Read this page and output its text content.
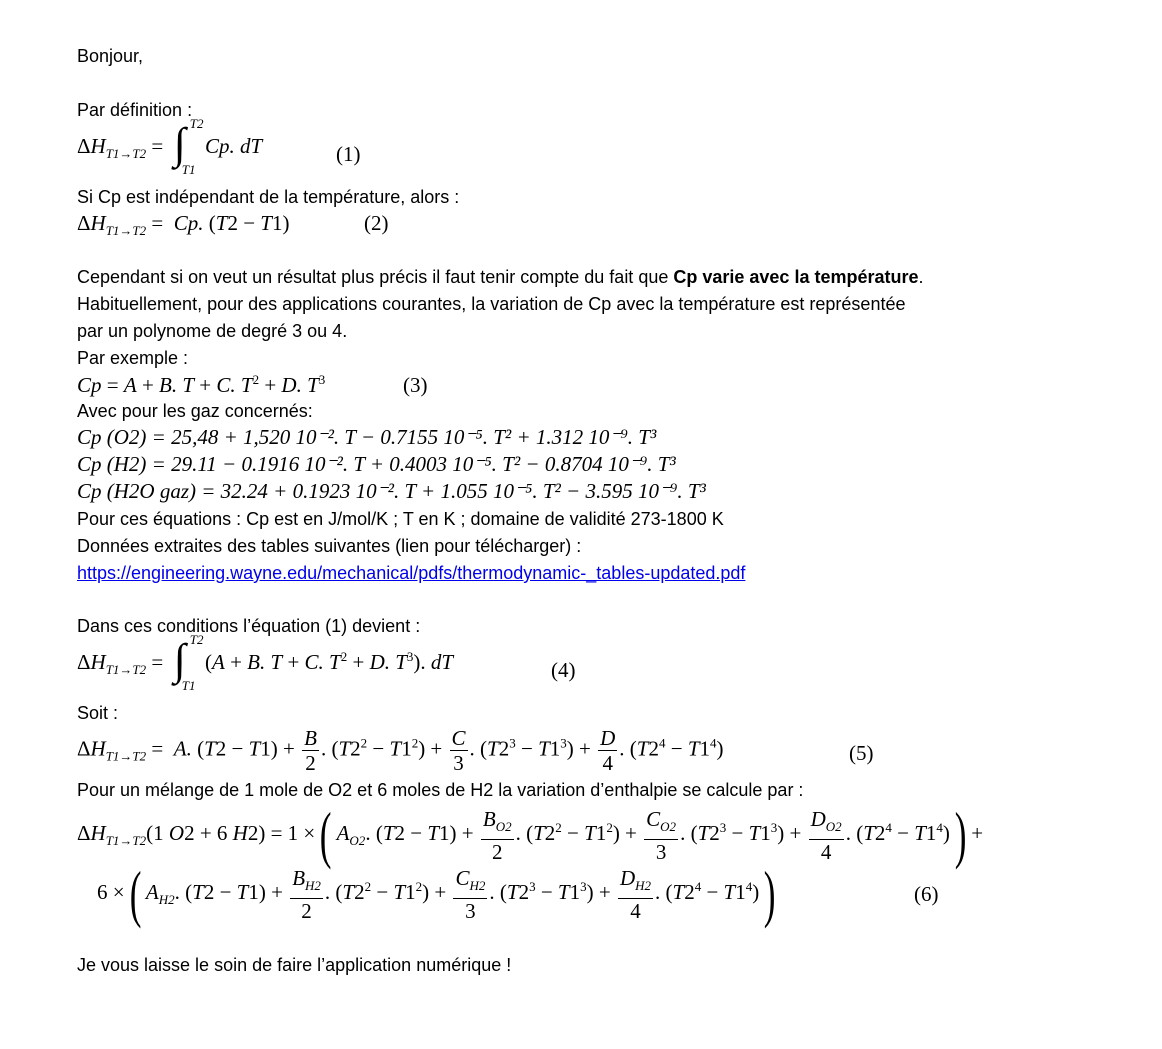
Bonjour,
Par définition :
$\Delta H_{T1\to T2}$ = ∫ T2
T1
Cp. dT	(1)
Si Cp est indépendant de la température, alors :
$\Delta H_{T1\to T2} = Cp$. (T2 − T1)	(2)
Cependant si on veut un résultat plus précis il faut tenir compte du fait que Cp varie avec la température.
Habituellement, pour des applications courantes, la variation de Cp avec la température est représentée
par un polynome de degré 3 ou 4.
Par exemple :
Cp = A + B. T + C. $T^2 + D$. $T^3$	(3)
Avec pour les gaz concernés:
Cp (O2) = 25,48 + 1,520 10⁻². T − 0.7155 10⁻⁵. T² + 1.312 10⁻⁹. T³
Cp (H2) = 29.11 − 0.1916 10⁻². T + 0.4003 10⁻⁵. T² − 0.8704 10⁻⁹. T³
Cp (H2O gaz) = 32.24 + 0.1923 10⁻². T + 1.055 10⁻⁵. T² − 3.595 10⁻⁹. T³
Pour ces équations : Cp est en J/mol/K ; T en K ; domaine de validité 273-1800 K
Données extraites des tables suivantes (lien pour télécharger) :
https://engineering.wayne.edu/mechanical/pdfs/thermodynamic-_tables-updated.pdf
Dans ces conditions l’équation (1) devient :
$\Delta H_{T1\to T2}$ = ∫ T2
T1
(A + B. T + C. $T^2 + D$. $T^3$). dT	(4)
Soit :
$\Delta H_{T1\to T2} = A$. $(T2 - T1) + \frac{B}{2}$ . $(T2^2 - T1^2) + \frac{C}{3}$ . $(T2^3 - T1^3) + \frac{D}{4}$ . $(T2^4 - T1^4)$	(5)
Pour un mélange de 1 mole de O2 et 6 moles de H2 la variation d’enthalpie se calcule par :
$\Delta H_{T1\to T2}(1$ O2 + 6 H2) = 1 ×( $A_{O2}$. $(T2 - T1) + \frac{B_{O2}}{2}$ . $(T2^2 - T1^2) + \frac{C_{O2}}{3}$ . $(T2^3 - T1^3) + \frac{D_{O2}}{4}$ . $(T2^4 - T1^4)$) +
6 ×( $A_{H2}$. $(T2 - T1) + \frac{B_{H2}}{2}$ . $(T2^2 - T1^2) + \frac{C_{H2}}{3}$ . $(T2^3 - T1^3) + \frac{D_{H2}}{4}$ . $(T2^4 - T1^4)$)	(6)
Je vous laisse le soin de faire l’application numérique !
